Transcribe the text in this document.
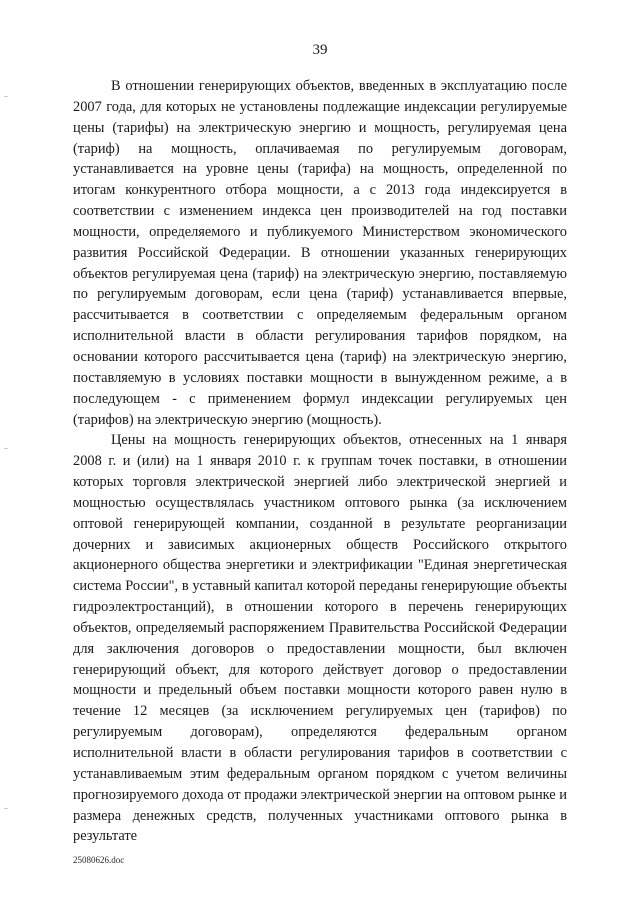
39

В отношении генерирующих объектов, введенных в эксплуатацию после 2007 года, для которых не установлены подлежащие индексации регулируемые цены (тарифы) на электрическую энергию и мощность, регулируемая цена (тариф) на мощность, оплачиваемая по регулируемым договорам, устанавливается на уровне цены (тарифа) на мощность, определенной по итогам конкурентного отбора мощности, а с 2013 года индексируется в соответствии с изменением индекса цен производителей на год поставки мощности, определяемого и публикуемого Министерством экономического развития Российской Федерации. В отношении указанных генерирующих объектов регулируемая цена (тариф) на электрическую энергию, поставляемую по регулируемым договорам, если цена (тариф) устанавливается впервые, рассчитывается в соответствии с определяемым федеральным органом исполнительной власти в области регулирования тарифов порядком, на основании которого рассчитывается цена (тариф) на электрическую энергию, поставляемую в условиях поставки мощности в вынужденном режиме, а в последующем - с применением формул индексации регулируемых цен (тарифов) на электрическую энергию (мощность).

Цены на мощность генерирующих объектов, отнесенных на 1 января 2008 г. и (или) на 1 января 2010 г. к группам точек поставки, в отношении которых торговля электрической энергией либо электрической энергией и мощностью осуществлялась участником оптового рынка (за исключением оптовой генерирующей компании, созданной в результате реорганизации дочерних и зависимых акционерных обществ Российского открытого акционерного общества энергетики и электрификации "Единая энергетическая система России", в уставный капитал которой переданы генерирующие объекты гидроэлектростанций), в отношении которого в перечень генерирующих объектов, определяемый распоряжением Правительства Российской Федерации для заключения договоров о предоставлении мощности, был включен генерирующий объект, для которого действует договор о предоставлении мощности и предельный объем поставки мощности которого равен нулю в течение 12 месяцев (за исключением регулируемых цен (тарифов) по регулируемым договорам), определяются федеральным органом исполнительной власти в области регулирования тарифов в соответствии с устанавливаемым этим федеральным органом порядком с учетом величины прогнозируемого дохода от продажи электрической энергии на оптовом рынке и размера денежных средств, полученных участниками оптового рынка в результате

25080626.doc
